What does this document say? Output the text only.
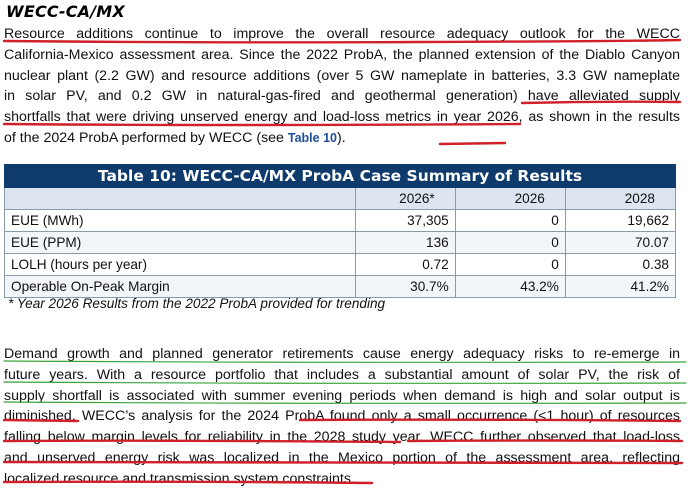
WECC-CA/MX

Resource additions continue to improve the overall resource adequacy outlook for the WECC
California-Mexico assessment area. Since the 2022 ProbA, the planned extension of the Diablo Canyon
nuclear plant (2.2 GW) and resource additions (over 5 GW nameplate in batteries, 3.3 GW nameplate
in solar PV, and 0.2 GW in natural-gas-fired and geothermal generation) have alleviated supply
shortfalls that were driving unserved energy and load-loss metrics in year 2026, as shown in the results
of the 2024 ProbA performed by WECC (see Table 10).

Table 10: WECC-CA/MX ProbA Case Summary of Results			
	2026*	2026	2028
EUE (MWh)	37,305	0	19,662
EUE (PPM)	136	0	70.07
LOLH (hours per year)	0.72	0	0.38
Operable On-Peak Margin	30.7%	43.2%	41.2%

* Year 2026 Results from the 2022 ProbA provided for trending

Demand growth and planned generator retirements cause energy adequacy risks to re-emerge in
future years. With a resource portfolio that includes a substantial amount of solar PV, the risk of
supply shortfall is associated with summer evening periods when demand is high and solar output is
diminished. WECC’s analysis for the 2024 ProbA found only a small occurrence (<1 hour) of resources
falling below margin levels for reliability in the 2028 study year. WECC further observed that load-loss
and unserved energy risk was localized in the Mexico portion of the assessment area, reflecting
localized resource and transmission system constraints.
